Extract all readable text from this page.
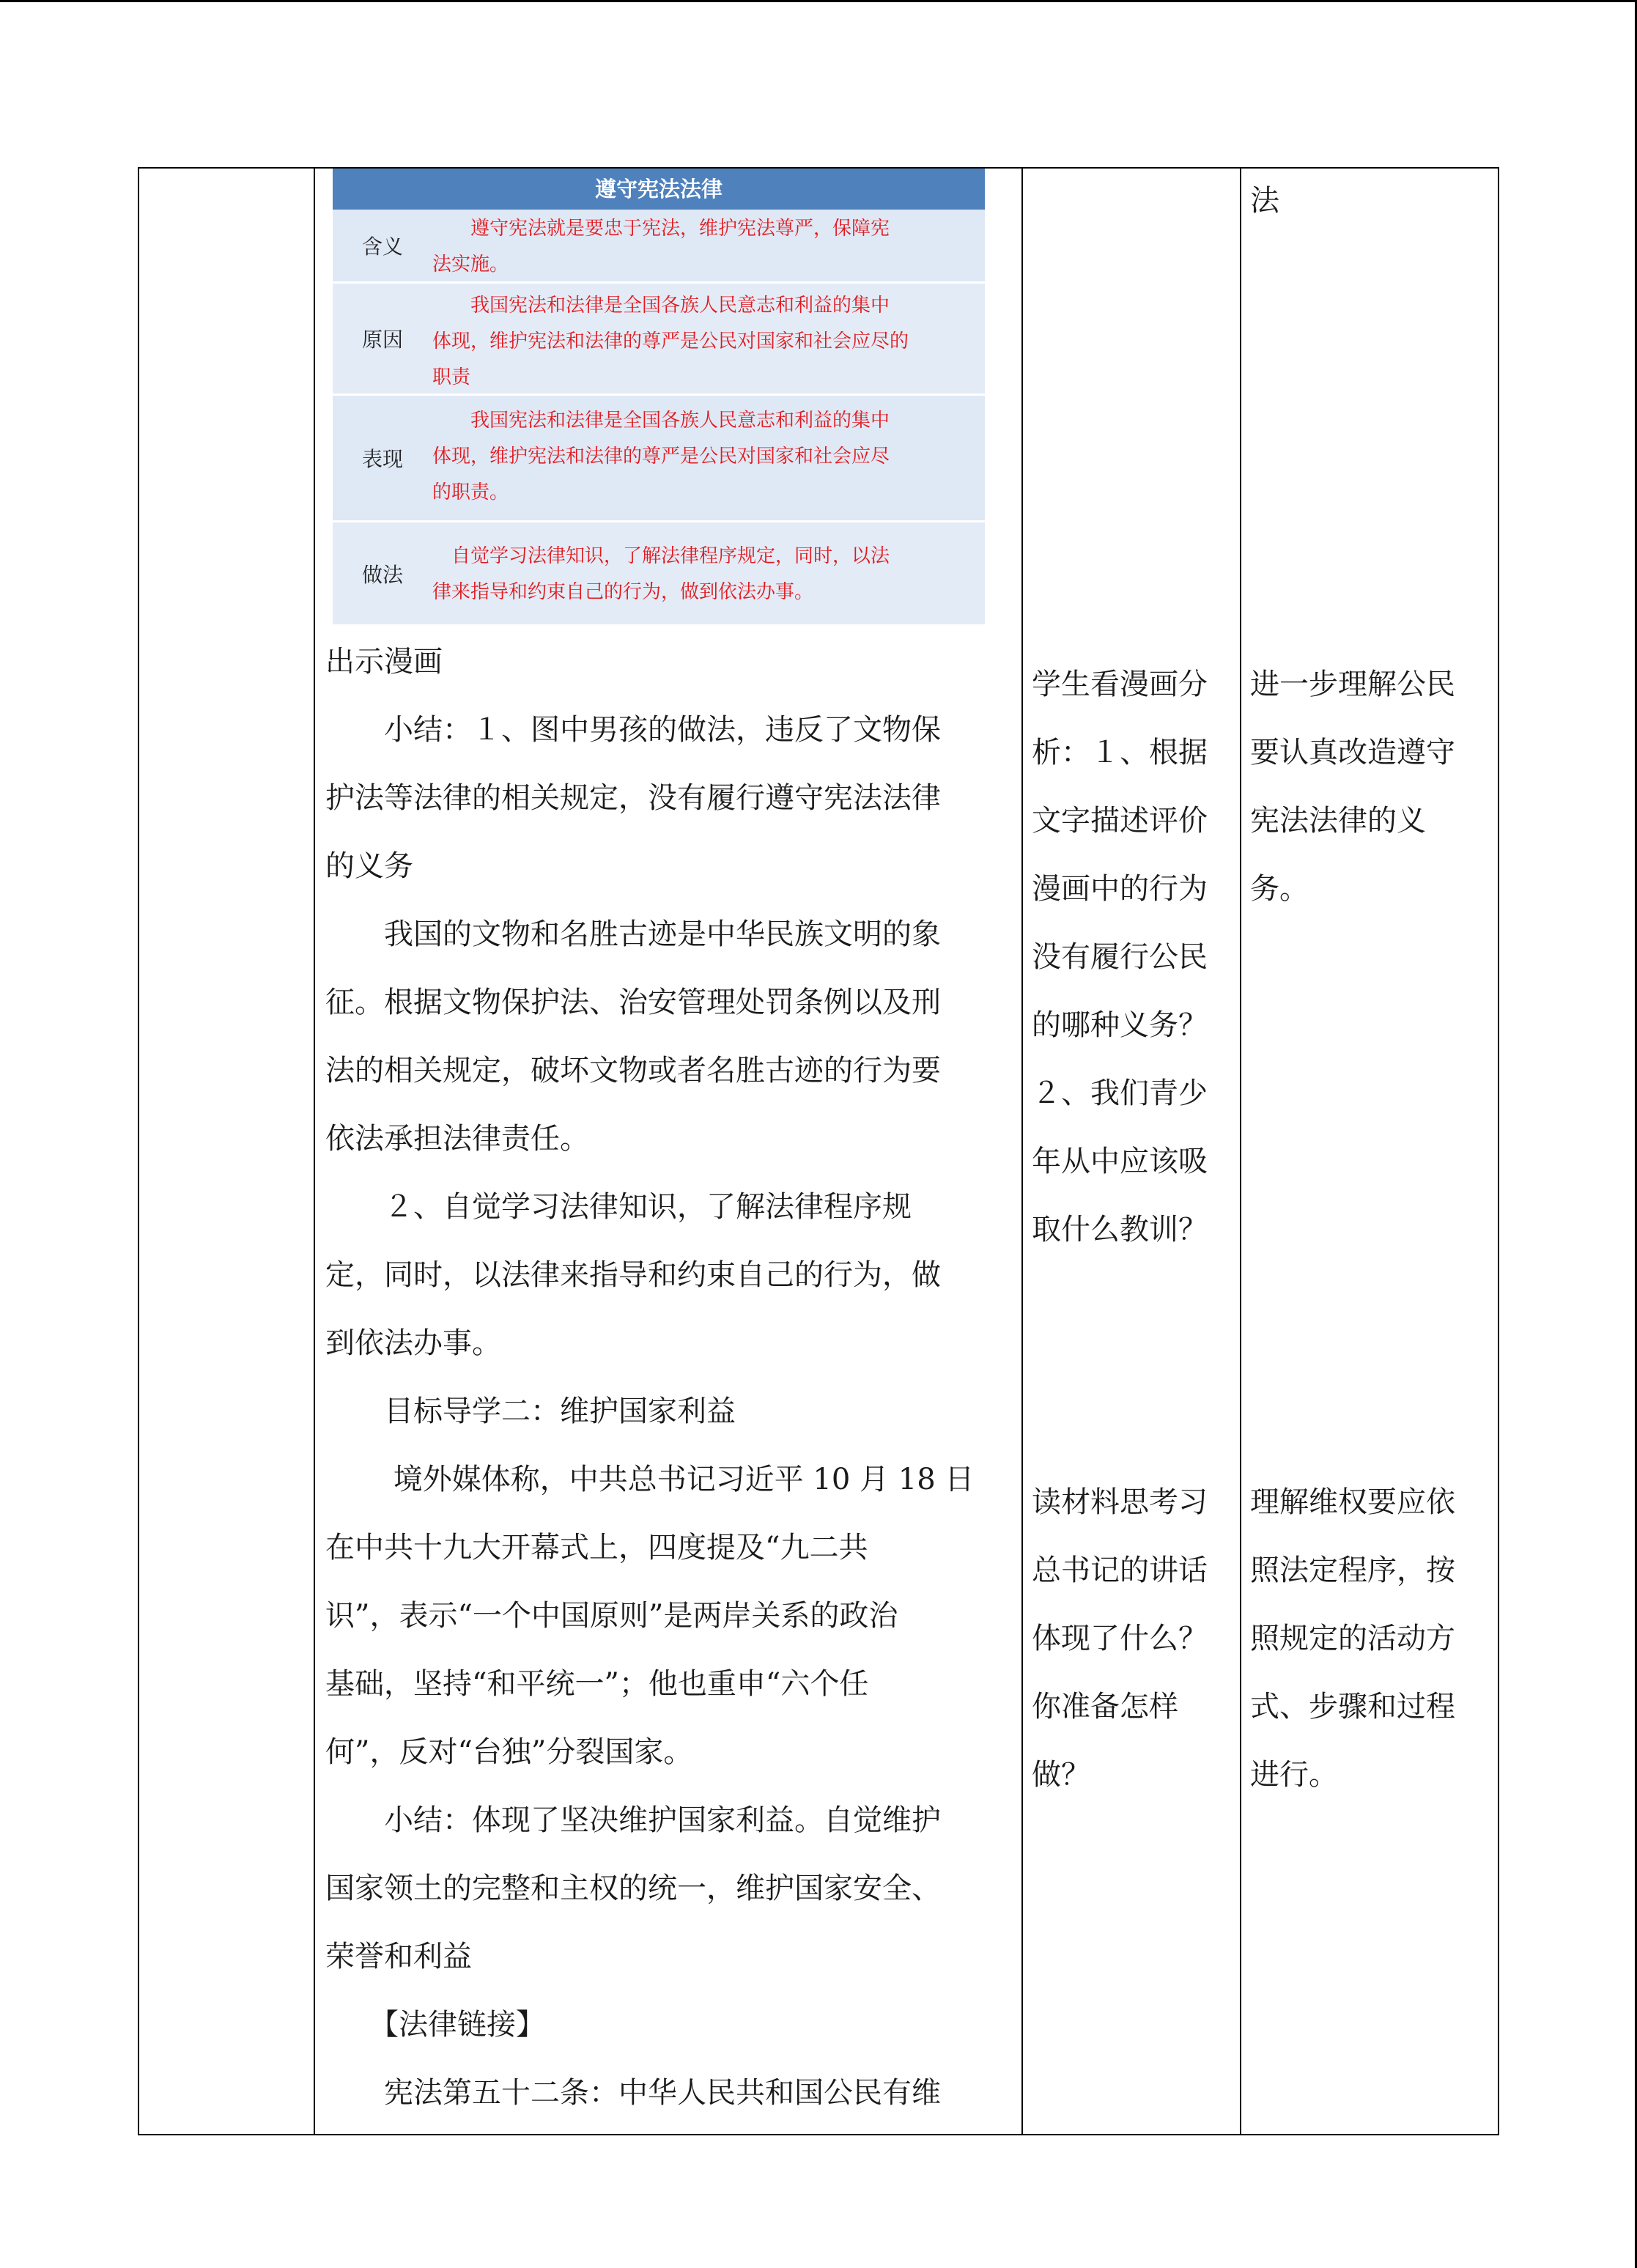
遵守宪法法律
含义
　　遵守宪法就是要忠于宪法，维护宪法尊严，保障宪
法实施。
原因
　　我国宪法和法律是全国各族人民意志和利益的集中
体现，维护宪法和法律的尊严是公民对国家和社会应尽的
职责
表现
　　我国宪法和法律是全国各族人民意志和利益的集中
体现，维护宪法和法律的尊严是公民对国家和社会应尽
的职责。
做法
　自觉学习法律知识，了解法律程序规定，同时，以法
律来指导和约束自己的行为，做到依法办事。
出示漫画
　　小结：１、图中男孩的做法，违反了文物保
护法等法律的相关规定，没有履行遵守宪法法律
的义务
　　我国的文物和名胜古迹是中华民族文明的象
征。根据文物保护法、治安管理处罚条例以及刑
法的相关规定，破坏文物或者名胜古迹的行为要
依法承担法律责任。
　　２、自觉学习法律知识，了解法律程序规
定，同时，以法律来指导和约束自己的行为，做
到依法办事。
　　目标导学二：维护国家利益
　　 境外媒体称，中共总书记习近平 10 月 18 日
在中共十九大开幕式上，四度提及“九二共
识”，表示“一个中国原则”是两岸关系的政治
基础，坚持“和平统一”；他也重申“六个任
何”，反对“台独”分裂国家。
　　小结：体现了坚决维护国家利益。自觉维护
国家领土的完整和主权的统一，维护国家安全、
荣誉和利益
　　【法律链接】
　　宪法第五十二条：中华人民共和国公民有维
学生看漫画分
析：１、根据
文字描述评价
漫画中的行为
没有履行公民
的哪种义务？
２、我们青少
年从中应该吸
取什么教训？
读材料思考习
总书记的讲话
体现了什么？
你准备怎样
做？
法
进一步理解公民
要认真改造遵守
宪法法律的义
务。
理解维权要应依
照法定程序，按
照规定的活动方
式、步骤和过程
进行。
